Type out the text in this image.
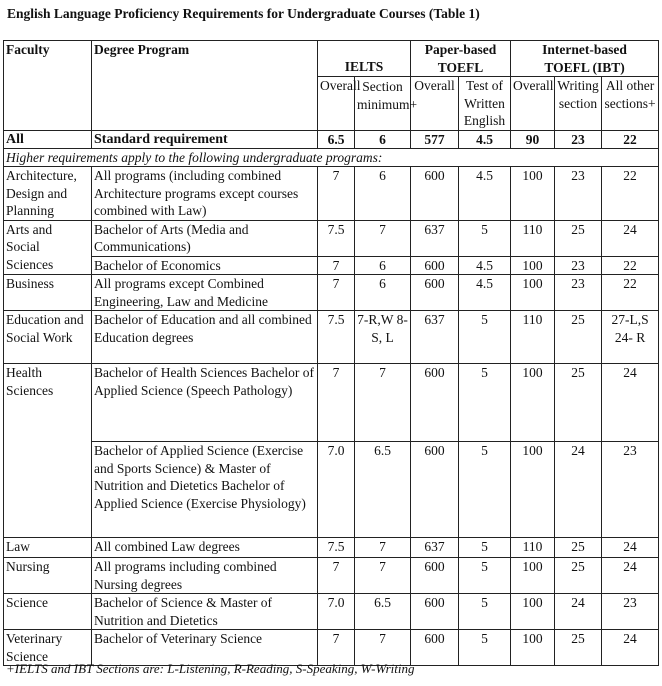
English Language Proficiency Requirements for Undergraduate Courses (Table 1)
Faculty	Degree Program	IELTS		Paper-based
TOEFL		Internet-based
TOEFL (IBT)		
		Overall	Section minimum+	Overall	Test of Written English	Overall	Writing section	All other sections+
All	Standard requirement	6.5	6	577	4.5	90	23	22
Higher requirements apply to the following undergraduate programs:								
Architecture, Design and Planning	All programs (including combined Architecture programs except courses combined with Law)	7	6	600	4.5	100	23	22
Arts and Social Sciences	Bachelor of Arts (Media and Communications)	7.5	7	637	5	110	25	24
	Bachelor of Economics	7	6	600	4.5	100	23	22
Business	All programs except Combined Engineering, Law and Medicine	7	6	600	4.5	100	23	22
Education and Social Work	Bachelor of Education and all combined Education degrees	7.5	7-R,W 8-S, L	637	5	110	25	27-L,S 24- R
Health Sciences	Bachelor of Health Sciences Bachelor of Applied Science (Speech Pathology)	7	7	600	5	100	25	24
	Bachelor of Applied Science (Exercise and Sports Science) & Master of Nutrition and Dietetics Bachelor of Applied Science (Exercise Physiology)	7.0	6.5	600	5	100	24	23
Law	All combined Law degrees	7.5	7	637	5	110	25	24
Nursing	All programs including combined Nursing degrees	7	7	600	5	100	25	24
Science	Bachelor of Science & Master of Nutrition and Dietetics	7.0	6.5	600	5	100	24	23
Veterinary Science	Bachelor of Veterinary Science	7	7	600	5	100	25	24
+IELTS and IBT Sections are: L-Listening, R-Reading, S-Speaking, W-Writing
